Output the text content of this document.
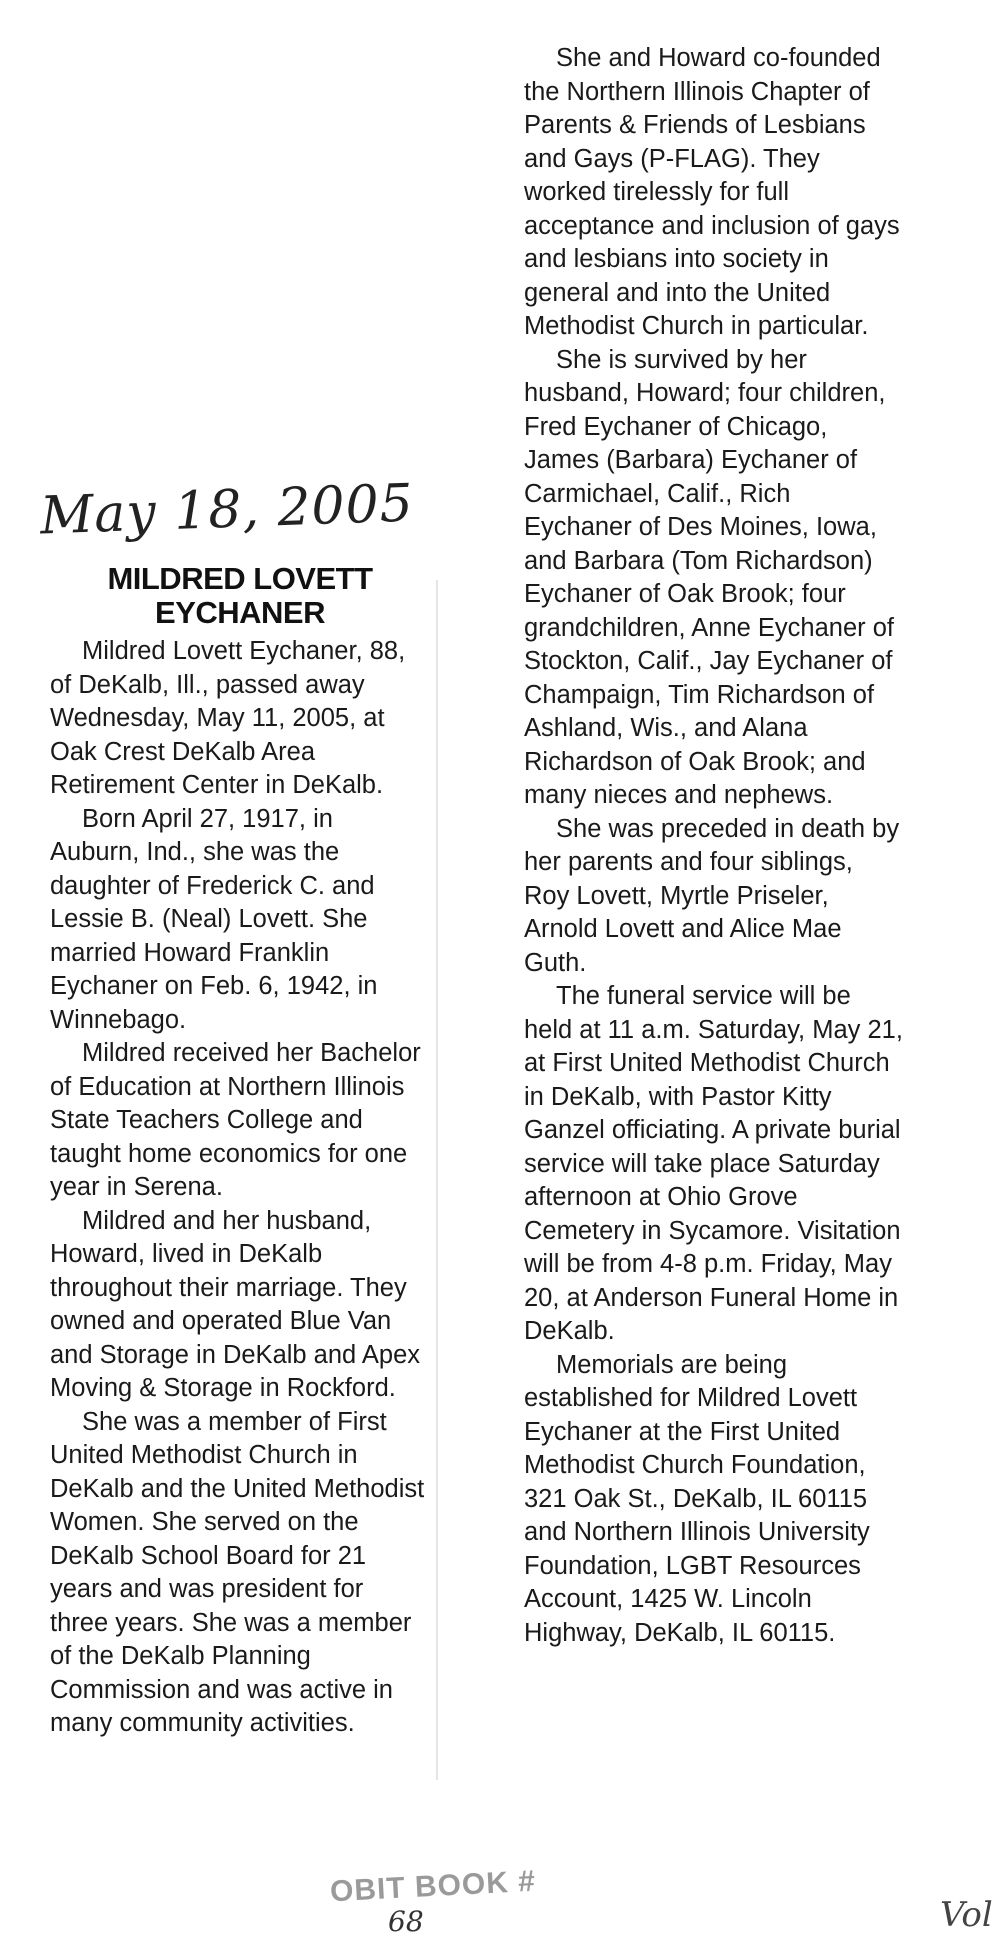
May 18, 2005
MILDRED LOVETT
EYCHANER

Mildred Lovett Eychaner, 88, of DeKalb, Ill., passed away Wednesday, May 11, 2005, at Oak Crest DeKalb Area Retirement Center in DeKalb.

Born April 27, 1917, in Auburn, Ind., she was the daughter of Frederick C. and Lessie B. (Neal) Lovett. She married Howard Franklin Eychaner on Feb. 6, 1942, in Winnebago.

Mildred received her Bachelor of Education at Northern Illinois State Teachers College and taught home economics for one year in Serena.

Mildred and her husband, Howard, lived in DeKalb throughout their marriage. They owned and operated Blue Van and Storage in DeKalb and Apex Moving & Storage in Rockford.

She was a member of First United Methodist Church in DeKalb and the United Methodist Women. She served on the DeKalb School Board for 21 years and was president for three years. She was a member of the DeKalb Planning Commission and was active in many community activities.

She and Howard co-founded the Northern Illinois Chapter of Parents & Friends of Lesbians and Gays (P-FLAG). They worked tirelessly for full acceptance and inclusion of gays and lesbians into society in general and into the United Methodist Church in particular.

She is survived by her husband, Howard; four children, Fred Eychaner of Chicago, James (Barbara) Eychaner of Carmichael, Calif., Rich Eychaner of Des Moines, Iowa, and Barbara (Tom Richardson) Eychaner of Oak Brook; four grandchildren, Anne Eychaner of Stockton, Calif., Jay Eychaner of Champaign, Tim Richardson of Ashland, Wis., and Alana Richardson of Oak Brook; and many nieces and nephews.

She was preceded in death by her parents and four siblings, Roy Lovett, Myrtle Priseler, Arnold Lovett and Alice Mae Guth.

The funeral service will be held at 11 a.m. Saturday, May 21, at First United Methodist Church in DeKalb, with Pastor Kitty Ganzel officiating. A private burial service will take place Saturday afternoon at Ohio Grove Cemetery in Sycamore. Visitation will be from 4-8 p.m. Friday, May 20, at Anderson Funeral Home in DeKalb.

Memorials are being established for Mildred Lovett Eychaner at the First United Methodist Church Foundation, 321 Oak St., DeKalb, IL 60115 and Northern Illinois University Foundation, LGBT Resources Account, 1425 W. Lincoln Highway, DeKalb, IL 60115.

OBIT BOOK #
68	Vol
